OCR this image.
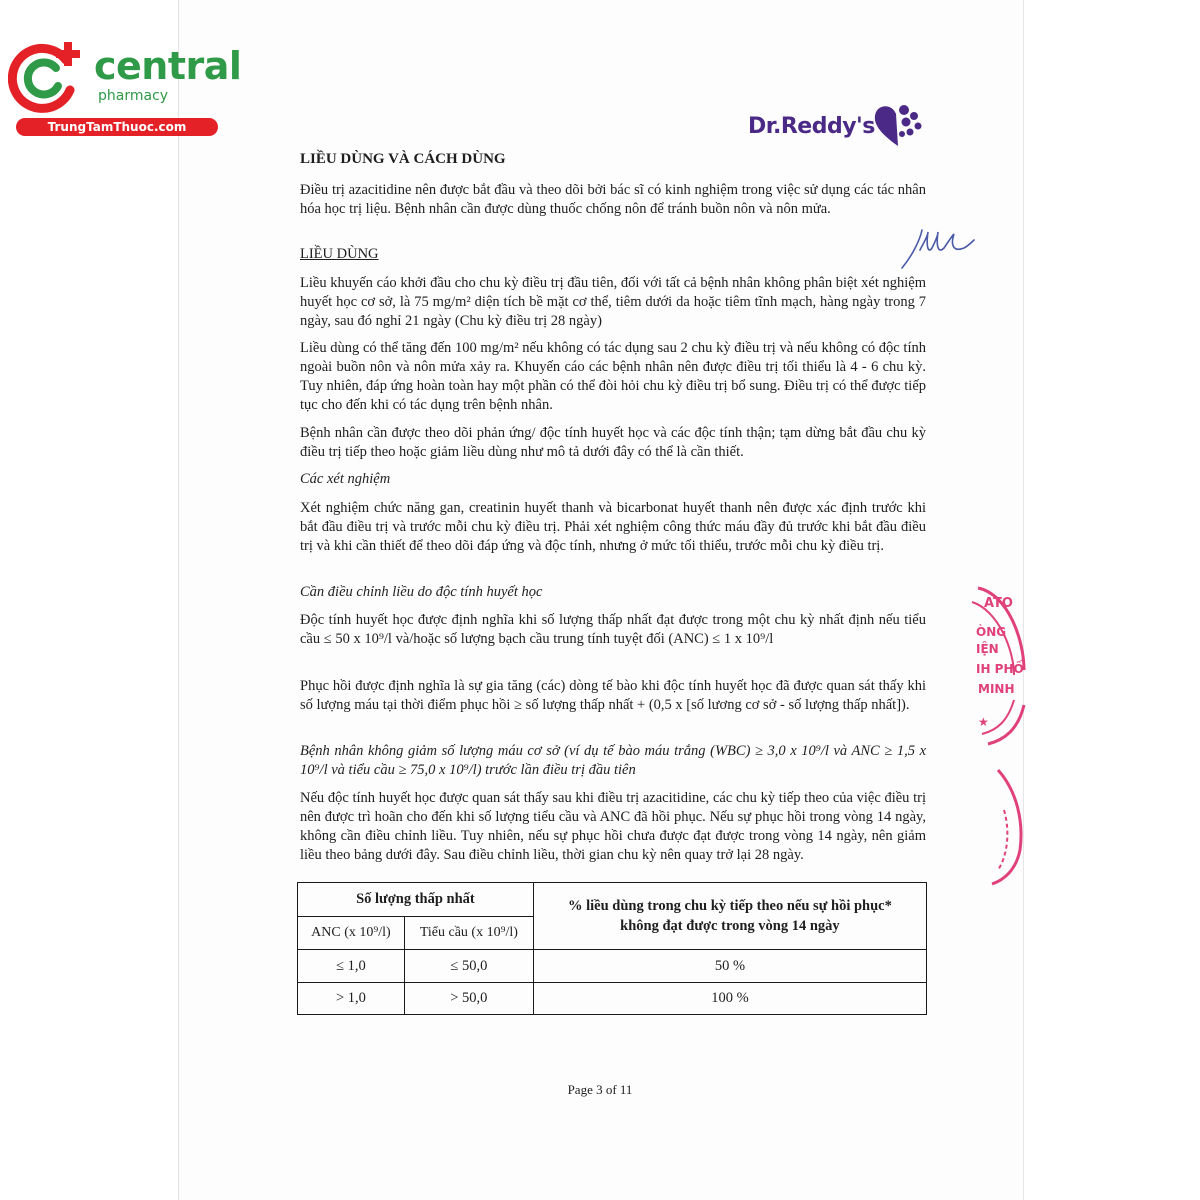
central
pharmacy
TrungTamThuoc.com	Dr.Reddy's
LIỀU DÙNG VÀ CÁCH DÙNG
Điều trị azacitidine nên được bắt đầu và theo dõi bởi bác sĩ có kinh nghiệm trong việc sử dụng các tác nhân hóa học trị liệu. Bệnh nhân cần được dùng thuốc chống nôn để tránh buồn nôn và nôn mửa.
LIỀU DÙNG
Liều khuyến cáo khởi đầu cho chu kỳ điều trị đầu tiên, đối với tất cả bệnh nhân không phân biệt xét nghiệm huyết học cơ sở, là 75 mg/m² diện tích bề mặt cơ thể, tiêm dưới da hoặc tiêm tĩnh mạch, hàng ngày trong 7 ngày, sau đó nghỉ 21 ngày (Chu kỳ điều trị 28 ngày)
Liều dùng có thể tăng đến 100 mg/m² nếu không có tác dụng sau 2 chu kỳ điều trị và nếu không có độc tính ngoài buồn nôn và nôn mửa xảy ra. Khuyến cáo các bệnh nhân nên được điều trị tối thiểu là 4 - 6 chu kỳ. Tuy nhiên, đáp ứng hoàn toàn hay một phần có thể đòi hỏi chu kỳ điều trị bổ sung. Điều trị có thể được tiếp tục cho đến khi có tác dụng trên bệnh nhân.
Bệnh nhân cần được theo dõi phản ứng/ độc tính huyết học và các độc tính thận; tạm dừng bắt đầu chu kỳ điều trị tiếp theo hoặc giảm liều dùng như mô tả dưới đây có thể là cần thiết.
Các xét nghiệm
Xét nghiệm chức năng gan, creatinin huyết thanh và bicarbonat huyết thanh nên được xác định trước khi bắt đầu điều trị và trước mỗi chu kỳ điều trị. Phải xét nghiệm công thức máu đầy đủ trước khi bắt đầu điều trị và khi cần thiết để theo dõi đáp ứng và độc tính, nhưng ở mức tối thiểu, trước mỗi chu kỳ điều trị.
Cần điều chỉnh liều do độc tính huyết học
Độc tính huyết học được định nghĩa khi số lượng thấp nhất đạt được trong một chu kỳ nhất định nếu tiểu cầu ≤ 50 x 10⁹/l và/hoặc số lượng bạch cầu trung tính tuyệt đối (ANC) ≤ 1 x 10⁹/l
Phục hồi được định nghĩa là sự gia tăng (các) dòng tế bào khi độc tính huyết học đã được quan sát thấy khi số lượng máu tại thời điểm phục hồi ≥ số lượng thấp nhất + (0,5 x [số lương cơ sở - số lượng thấp nhất]).
Bệnh nhân không giảm số lượng máu cơ sở (ví dụ tế bào máu trắng (WBC) ≥ 3,0 x 10⁹/l và ANC ≥ 1,5 x 10⁹/l và tiểu cầu ≥ 75,0 x 10⁹/l) trước lần điều trị đầu tiên
Nếu độc tính huyết học được quan sát thấy sau khi điều trị azacitidine, các chu kỳ tiếp theo của việc điều trị nên được trì hoãn cho đến khi số lượng tiểu cầu và ANC đã hồi phục. Nếu sự phục hồi trong vòng 14 ngày, không cần điều chỉnh liều. Tuy nhiên, nếu sự phục hồi chưa được đạt được trong vòng 14 ngày, nên giảm liều theo bảng dưới đây. Sau điều chỉnh liều, thời gian chu kỳ nên quay trở lại 28 ngày.
Số lượng thấp nhất		% liều dùng trong chu kỳ tiếp theo nếu sự hồi phục* không đạt được trong vòng 14 ngày
ANC (x 10⁹/l)	Tiểu cầu (x 10⁹/l)	
≤ 1,0	≤ 50,0	50 %
> 1,0	> 50,0	100 %
Page 3 of 11
★
ATO
ÒNG
IỆN
IH PHỐ
MINH
